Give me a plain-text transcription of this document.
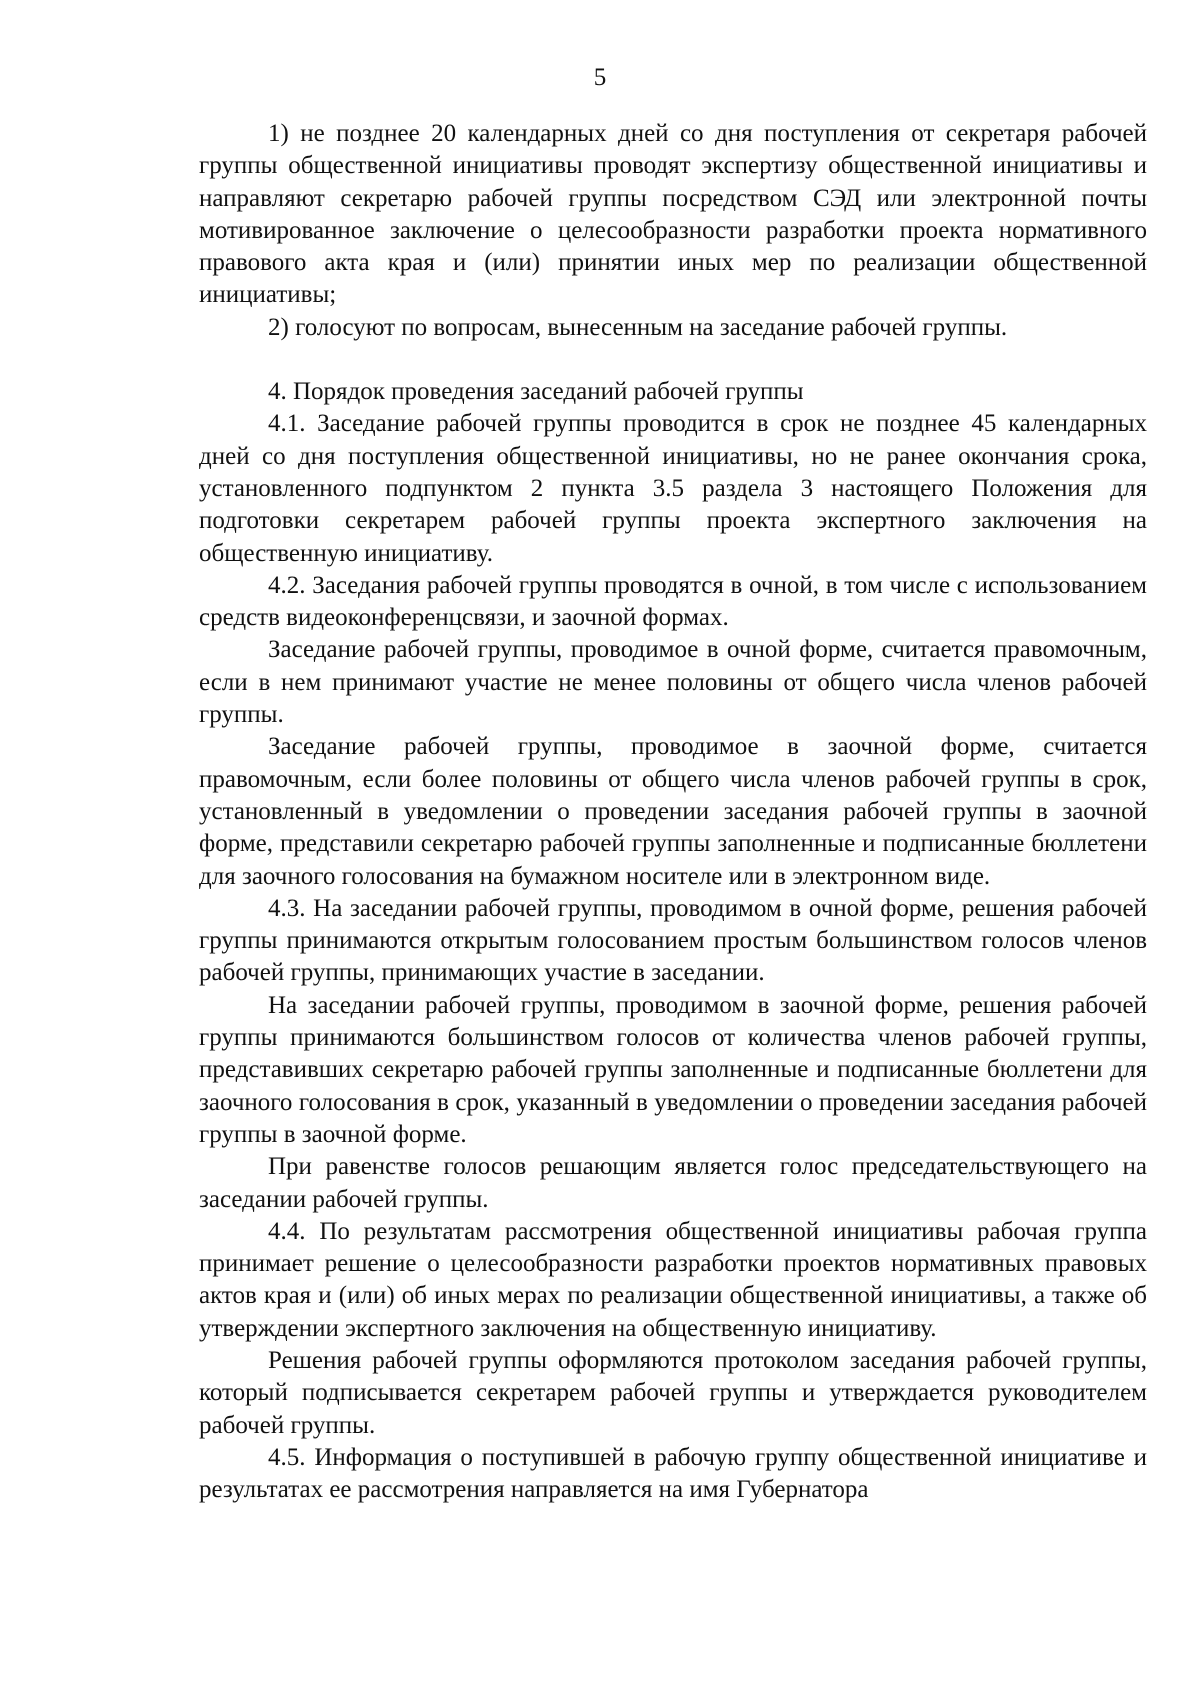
5

1) не позднее 20 календарных дней со дня поступления от секретаря рабочей группы общественной инициативы проводят экспертизу общественной инициативы и направляют секретарю рабочей группы посредством СЭД или электронной почты мотивированное заключение о целесообразности разработки проекта нормативного правового акта края и (или) принятии иных мер по реализации общественной инициативы;

2) голосуют по вопросам, вынесенным на заседание рабочей группы.

4. Порядок проведения заседаний рабочей группы

4.1. Заседание рабочей группы проводится в срок не позднее 45 календарных дней со дня поступления общественной инициативы, но не ранее окончания срока, установленного подпунктом 2 пункта 3.5 раздела 3 настоящего Положения для подготовки секретарем рабочей группы проекта экспертного заключения на общественную инициативу.

4.2. Заседания рабочей группы проводятся в очной, в том числе с использованием средств видеоконференцсвязи, и заочной формах.

Заседание рабочей группы, проводимое в очной форме, считается правомочным, если в нем принимают участие не менее половины от общего числа членов рабочей группы.

Заседание рабочей группы, проводимое в заочной форме, считается правомочным, если более половины от общего числа членов рабочей группы в срок, установленный в уведомлении о проведении заседания рабочей группы в заочной форме, представили секретарю рабочей группы заполненные и подписанные бюллетени для заочного голосования на бумажном носителе или в электронном виде.

4.3. На заседании рабочей группы, проводимом в очной форме, решения рабочей группы принимаются открытым голосованием простым большинством голосов членов рабочей группы, принимающих участие в заседании.

На заседании рабочей группы, проводимом в заочной форме, решения рабочей группы принимаются большинством голосов от количества членов рабочей группы, представивших секретарю рабочей группы заполненные и подписанные бюллетени для заочного голосования в срок, указанный в уведомлении о проведении заседания рабочей группы в заочной форме.

При равенстве голосов решающим является голос председательствующего на заседании рабочей группы.

4.4. По результатам рассмотрения общественной инициативы рабочая группа принимает решение о целесообразности разработки проектов нормативных правовых актов края и (или) об иных мерах по реализации общественной инициативы, а также об утверждении экспертного заключения на общественную инициативу.

Решения рабочей группы оформляются протоколом заседания рабочей группы, который подписывается секретарем рабочей группы и утверждается руководителем рабочей группы.

4.5. Информация о поступившей в рабочую группу общественной инициативе и результатах ее рассмотрения направляется на имя Губернатора
